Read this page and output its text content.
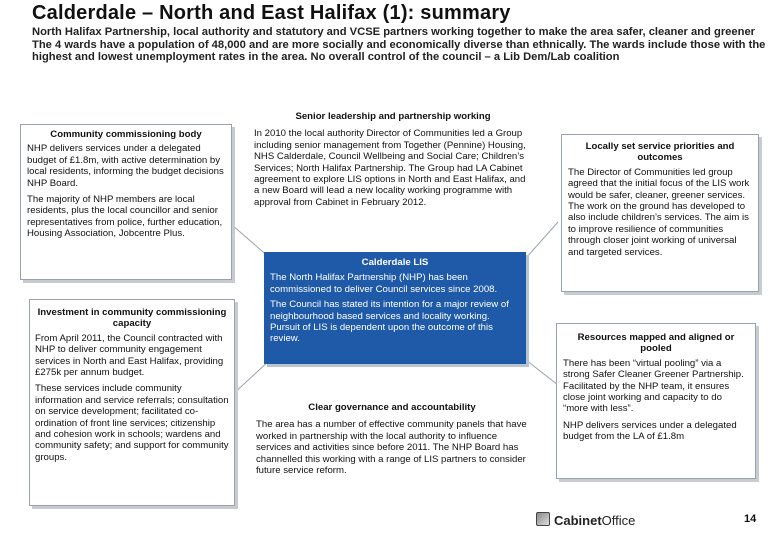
Calderdale – North and East Halifax (1): summary

North Halifax Partnership, local authority and statutory and VCSE partners working together to make the area safer, cleaner and greener

The 4 wards have a population of 48,000 and are more socially and economically diverse than ethnically. The wards include those with the highest and lowest unemployment rates in the area. No overall control of the council – a Lib Dem/Lab coalition

Community commissioning body

NHP delivers services under a delegated budget of £1.8m, with active determination by local residents, informing the budget decisions NHP Board.

The majority of NHP members are local residents, plus the local councillor and senior representatives from police, further education, Housing Association, Jobcentre Plus.

Investment in community commissioning capacity

From April 2011, the Council contracted with NHP to deliver community engagement services in North and East Halifax, providing £275k per annum budget.

These services include community information and service referrals; consultation on service development; facilitated co-ordination of front line services; citizenship and cohesion work in schools; wardens and community safety; and support for community groups.

Senior leadership and partnership working

In 2010 the local authority Director of Communities led a Group including senior management from Together (Pennine) Housing, NHS Calderdale, Council Wellbeing and Social Care; Children’s Services; North Halifax Partnership. The Group had LA Cabinet agreement to explore LIS options in North and East Halifax, and a new Board will lead a new locality working programme with approval from Cabinet in February 2012.

Calderdale LIS

The North Halifax Partnership (NHP) has been commissioned to deliver Council services since 2008.

The Council has stated its intention for a major review of neighbourhood based services and locality working. Pursuit of LIS is dependent upon the outcome of this review.

Clear governance and accountability

The area has a number of effective community panels that have worked in partnership with the local authority to influence services and activities since before 2011. The NHP Board has channelled this working with a range of LIS partners to consider future service reform.

Locally set service priorities and outcomes

The Director of Communities led group agreed that the initial focus of the LIS work would be safer, cleaner, greener services. The work on the ground has developed to also include children’s services. The aim is to improve resilience of communities through closer joint working of universal and targeted services.

Resources mapped and aligned or pooled

There has been “virtual pooling” via a strong Safer Cleaner Greener Partnership. Facilitated by the NHP team, it ensures close joint working and capacity to do “more with less”.

NHP delivers services under a delegated budget from the LA of £1.8m

CabinetOffice	14
